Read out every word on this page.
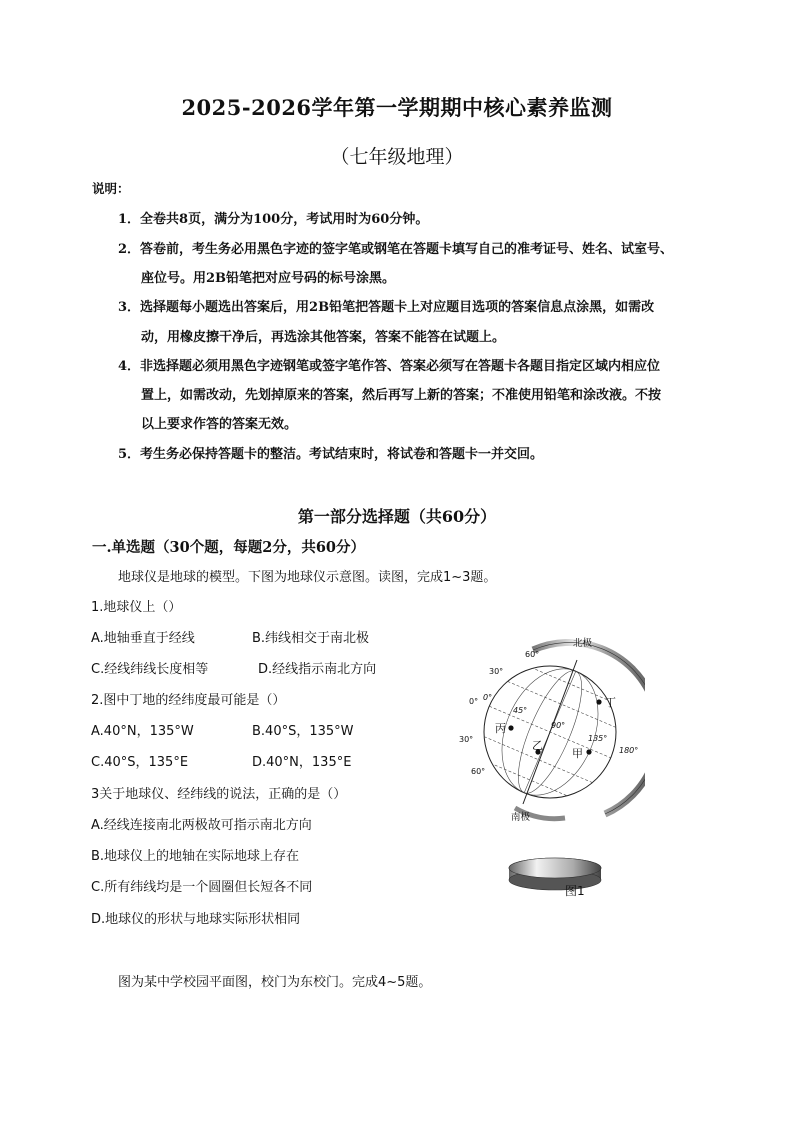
2025-2026学年第一学期期中核心素养监测
（七年级地理）
说明：
1．全卷共8页，满分为100分，考试用时为60分钟。
2．答卷前，考生务必用黑色字迹的签字笔或钢笔在答题卡填写自己的准考证号、姓名、试室号、
座位号。用2B铅笔把对应号码的标号涂黑。
3．选择题每小题选出答案后，用2B铅笔把答题卡上对应题目选项的答案信息点涂黑，如需改
动，用橡皮擦干净后，再选涂其他答案，答案不能答在试题上。
4．非选择题必须用黑色字迹钢笔或签字笔作答、答案必须写在答题卡各题目指定区域内相应位
置上，如需改动，先划掉原来的答案，然后再写上新的答案；不准使用铅笔和涂改液。不按
以上要求作答的答案无效。
5．考生务必保持答题卡的整洁。考试结束时，将试卷和答题卡一并交回。
第一部分选择题（共60分）
一.单选题（30个题，每题2分，共60分）
地球仪是地球的模型。下图为地球仪示意图。读图，完成1~3题。
1.地球仪上（）
A.地轴垂直于经线	B.纬线相交于南北极
C.经线纬线长度相等	D.经线指示南北方向
2.图中丁地的经纬度最可能是（）
A.40°N，135°W	B.40°S，135°W
C.40°S，135°E	D.40°N，135°E
3关于地球仪、经纬线的说法，正确的是（）
A.经线连接南北两极故可指示南北方向
B.地球仪上的地轴在实际地球上存在
C.所有纬线均是一个圆圈但长短各不同
D.地球仪的形状与地球实际形状相同
图为某中学校园平面图，校门为东校门。完成4~5题。
北极
南极
60°
30°
0°
30°
60°
0°
45°
90°
135°
180°
丁
丙
乙
甲
图1
